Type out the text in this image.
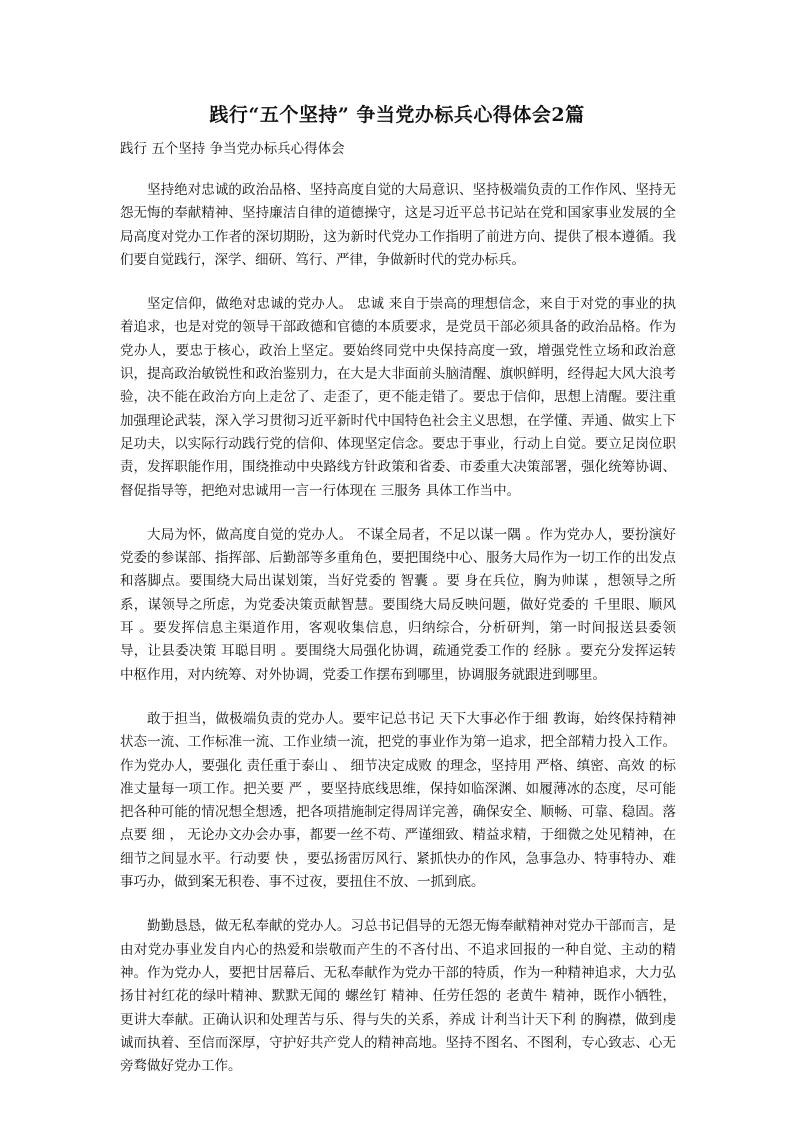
践行“五个坚持” 争当党办标兵心得体会2篇
践行 五个坚持 争当党办标兵心得体会

坚持绝对忠诚的政治品格、坚持高度自觉的大局意识、坚持极端负责的工作作风、坚持无怨无悔的奉献精神、坚持廉洁自律的道德操守，这是习近平总书记站在党和国家事业发展的全局高度对党办工作者的深切期盼，这为新时代党办工作指明了前进方向、提供了根本遵循。我们要自觉践行，深学、细研、笃行、严律，争做新时代的党办标兵。

坚定信仰，做绝对忠诚的党办人。 忠诚 来自于崇高的理想信念，来自于对党的事业的执着追求，也是对党的领导干部政德和官德的本质要求，是党员干部必须具备的政治品格。作为党办人，要忠于核心，政治上坚定。要始终同党中央保持高度一致，增强党性立场和政治意识，提高政治敏锐性和政治鉴别力，在大是大非面前头脑清醒、旗帜鲜明，经得起大风大浪考验，决不能在政治方向上走岔了、走歪了，更不能走错了。要忠于信仰，思想上清醒。要注重加强理论武装，深入学习贯彻习近平新时代中国特色社会主义思想，在学懂、弄通、做实上下足功夫，以实际行动践行党的信仰、体现坚定信念。要忠于事业，行动上自觉。要立足岗位职责，发挥职能作用，围绕推动中央路线方针政策和省委、市委重大决策部署，强化统筹协调、督促指导等，把绝对忠诚用一言一行体现在 三服务 具体工作当中。

大局为怀，做高度自觉的党办人。 不谋全局者，不足以谋一隅 。作为党办人，要扮演好党委的参谋部、指挥部、后勤部等多重角色，要把围绕中心、服务大局作为一切工作的出发点和落脚点。要围绕大局出谋划策，当好党委的 智囊 。要 身在兵位，胸为帅谋 ，想领导之所系，谋领导之所虑，为党委决策贡献智慧。要围绕大局反映问题，做好党委的 千里眼、顺风耳 。要发挥信息主渠道作用，客观收集信息，归纳综合，分析研判，第一时间报送县委领导，让县委决策 耳聪目明 。要围绕大局强化协调，疏通党委工作的 经脉 。要充分发挥运转中枢作用，对内统筹、对外协调，党委工作摆布到哪里，协调服务就跟进到哪里。

敢于担当，做极端负责的党办人。要牢记总书记 天下大事必作于细 教诲，始终保持精神状态一流、工作标准一流、工作业绩一流，把党的事业作为第一追求，把全部精力投入工作。作为党办人，要强化 责任重于泰山 、 细节决定成败 的理念，坚持用 严格、缜密、高效 的标准丈量每一项工作。把关要 严 ，要坚持底线思维，保持如临深渊、如履薄冰的态度，尽可能把各种可能的情况想全想透，把各项措施制定得周详完善，确保安全、顺畅、可靠、稳固。落点要 细 ， 无论办文办会办事，都要一丝不苟、严谨细致、精益求精，于细微之处见精神，在细节之间显水平。行动要 快 ，要弘扬雷厉风行、紧抓快办的作风，急事急办、特事特办、难事巧办，做到案无积卷、事不过夜，要扭住不放、一抓到底。

勤勤恳恳，做无私奉献的党办人。习总书记倡导的无怨无悔奉献精神对党办干部而言，是由对党办事业发自内心的热爱和崇敬而产生的不吝付出、不追求回报的一种自觉、主动的精神。作为党办人，要把甘居幕后、无私奉献作为党办干部的特质，作为一种精神追求，大力弘扬甘衬红花的绿叶精神、默默无闻的 螺丝钉 精神、任劳任怨的 老黄牛 精神，既作小牺牲，更讲大奉献。正确认识和处理苦与乐、得与失的关系，养成 计利当计天下利 的胸襟，做到虔诚而执着、至信而深厚，守护好共产党人的精神高地。坚持不图名、不图利，专心致志、心无旁骛做好党办工作。
